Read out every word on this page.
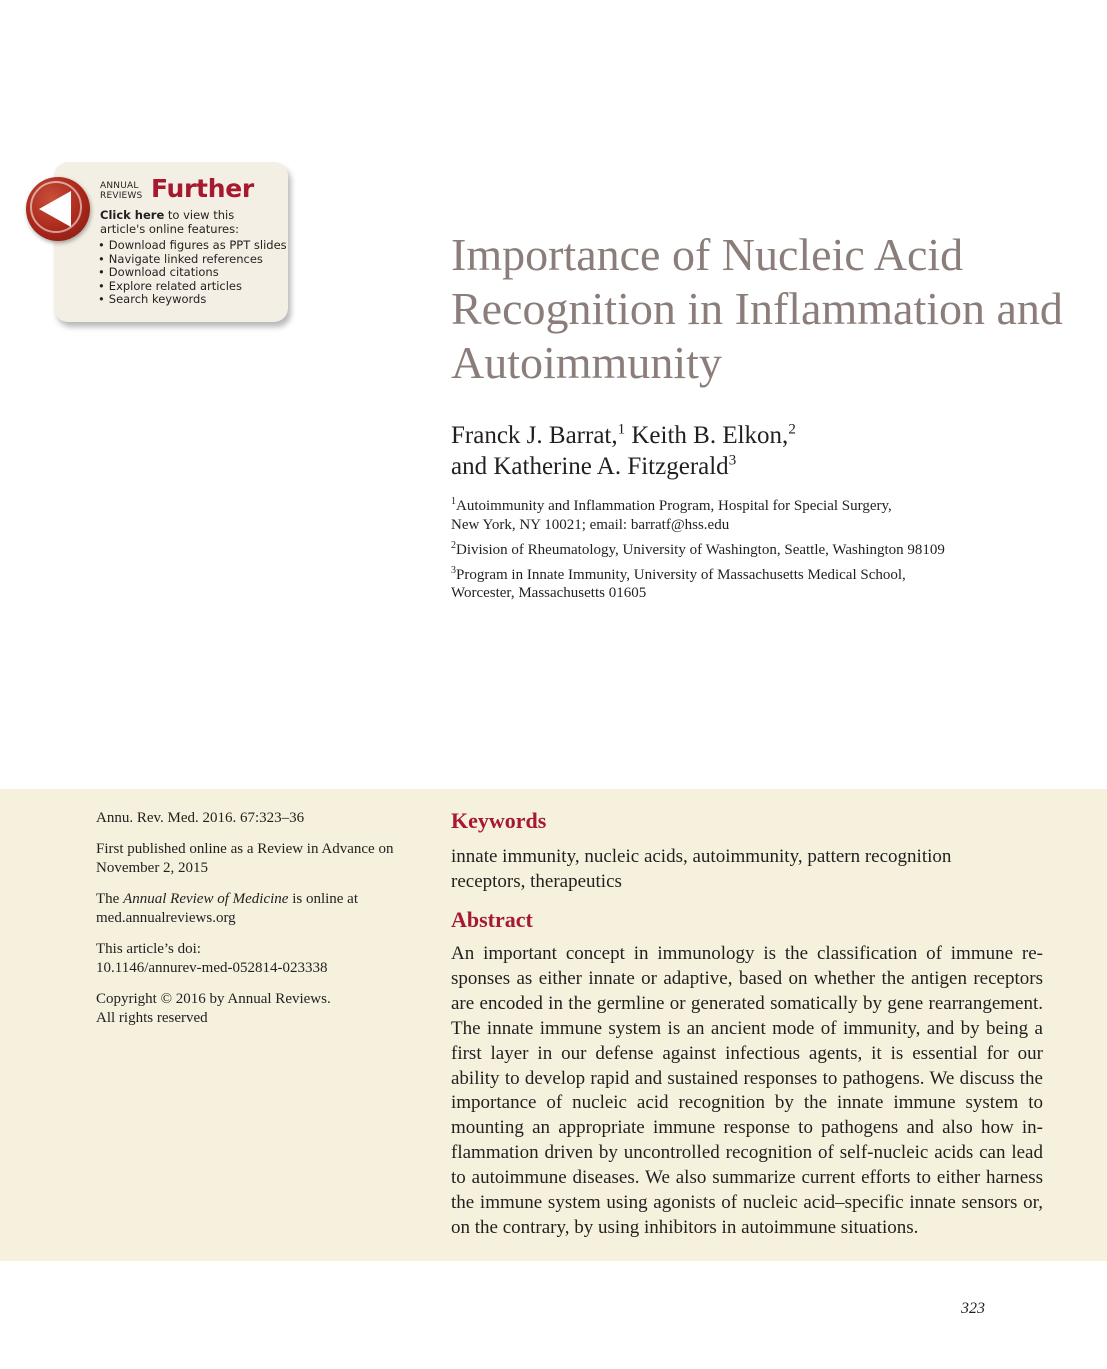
ANNUAL
REVIEWS Further
Click here to view this article's online features:
• Download figures as PPT slides
• Navigate linked references
• Download citations
• Explore related articles
• Search keywords
Importance of Nucleic Acid Recognition in Inflammation and Autoimmunity
Franck J. Barrat,$^1$ Keith B. Elkon,$^2$
and Katherine A. Fitzgerald$^3$
$^1$Autoimmunity and Inflammation Program, Hospital for Special Surgery,
New York, NY 10021; email: barratf@hss.edu
$^2$Division of Rheumatology, University of Washington, Seattle, Washington 98109
$^3$Program in Innate Immunity, University of Massachusetts Medical School,
Worcester, Massachusetts 01605

Annu. Rev. Med. 2016. 67:323–36

First published online as a Review in Advance on November 2, 2015

The Annual Review of Medicine is online at med.annualreviews.org

This article’s doi:
10.1146/annurev-med-052814-023338

Copyright © 2016 by Annual Reviews.
All rights reserved

Keywords
innate immunity, nucleic acids, autoimmunity, pattern recognition receptors, therapeutics
Abstract

An important concept in immunology is the classification of immune responses as either innate or adaptive, based on whether the antigen receptors are encoded in the germline or generated somatically by gene rearrangement. The innate immune system is an ancient mode of immunity, and by being a first layer in our defense against infectious agents, it is essential for our ability to develop rapid and sustained responses to pathogens. We discuss the importance of nucleic acid recognition by the innate immune system to mounting an appropriate immune response to pathogens and also how inflammation driven by uncontrolled recognition of self-nucleic acids can lead to autoimmune diseases. We also summarize current efforts to either harness the immune system using agonists of nucleic acid–specific innate sensors or, on the contrary, by using inhibitors in autoimmune situations.

323
